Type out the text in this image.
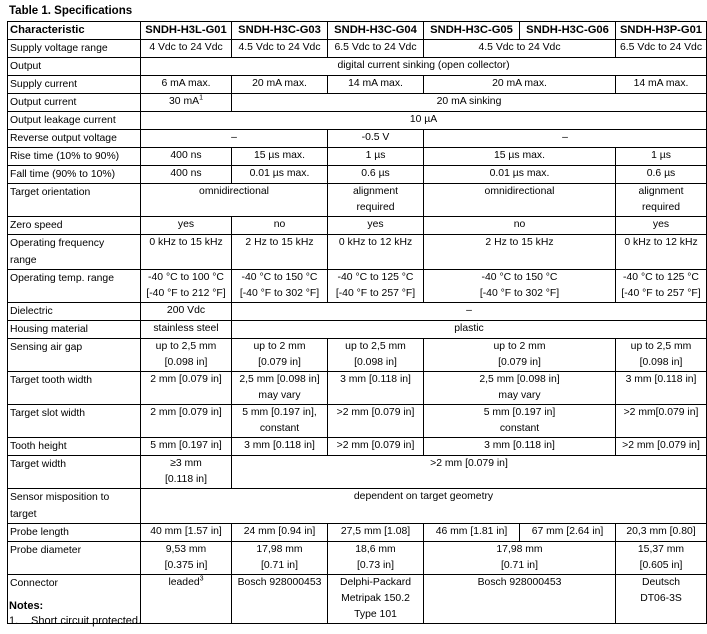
Table 1. Specifications
Characteristic	SNDH-H3L-G01	SNDH-H3C-G03	SNDH-H3C-G04	SNDH-H3C-G05	SNDH-H3C-G06	SNDH-H3P-G01

Supply voltage range	4 Vdc to 24 Vdc	4.5 Vdc to 24 Vdc	6.5 Vdc to 24 Vdc	4.5 Vdc to 24 Vdc		6.5 Vdc to 24 Vdc

Output	digital current sinking (open collector)					

Supply current	6 mA max.	20 mA max.	14 mA max.	20 mA max.		14 mA max.

Output current	30 $mA^1$	20 mA sinking				

Output leakage current	10 µA					

Reverse output voltage	–		-0.5 V	–		

Rise time (10% to 90%)	400 ns	15 µs max.	1 µs	15 µs max.		1 µs

Fall time (90% to 10%)	400 ns	0.01 µs max.	0.6 µs	0.01 µs max.		0.6 µs

Target orientation	omnidirectional		alignment
required	omnidirectional		alignment
required

Zero speed	yes	no	yes	no		yes

Operating frequency
range	0 kHz to 15 kHz	2 Hz to 15 kHz	0 kHz to 12 kHz	2 Hz to 15 kHz		0 kHz to 12 kHz

Operating temp. range	-40 °C to 100 °C
[-40 °F to 212 °F]	-40 °C to 150 °C
[-40 °F to 302 °F]	-40 °C to 125 °C
[-40 °F to 257 °F]	-40 °C to 150 °C
[-40 °F to 302 °F]		-40 °C to 125 °C
[-40 °F to 257 °F]

Dielectric	200 Vdc	–				

Housing material	stainless steel	plastic				

Sensing air gap	up to 2,5 mm
[0.098 in]	up to 2 mm
[0.079 in]	up to 2,5 mm
[0.098 in]	up to 2 mm
[0.079 in]		up to 2,5 mm
[0.098 in]

Target tooth width	2 mm [0.079 in]	2,5 mm [0.098 in]
may vary	3 mm [0.118 in]	2,5 mm [0.098 in]
may vary		3 mm [0.118 in]

Target slot width	2 mm [0.079 in]	5 mm [0.197 in],
constant	>2 mm [0.079 in]	5 mm [0.197 in]
constant		>2 mm[0.079 in]

Tooth height	5 mm [0.197 in]	3 mm [0.118 in]	>2 mm [0.079 in]	3 mm [0.118 in]		>2 mm [0.079 in]

Target width	≥3 mm
[0.118 in]	>2 mm [0.079 in]				

Sensor misposition to
target	dependent on target geometry					

Probe length	40 mm [1.57 in]	24 mm [0.94 in]	27,5 mm [1.08]	46 mm [1.81 in]	67 mm [2.64 in]	20,3 mm [0.80]

Probe diameter	9,53 mm
[0.375 in]	17,98 mm
[0.71 in]	18,6 mm
[0.73 in]	17,98 mm
[0.71 in]		15,37 mm
[0.605 in]

Connector	leaded$^3$	Bosch 928000453	Delphi-Packard
Metripak 150.2
Type 101	Bosch 928000453		Deutsch
DT06-3S
Notes:
1. Short circuit protected.
